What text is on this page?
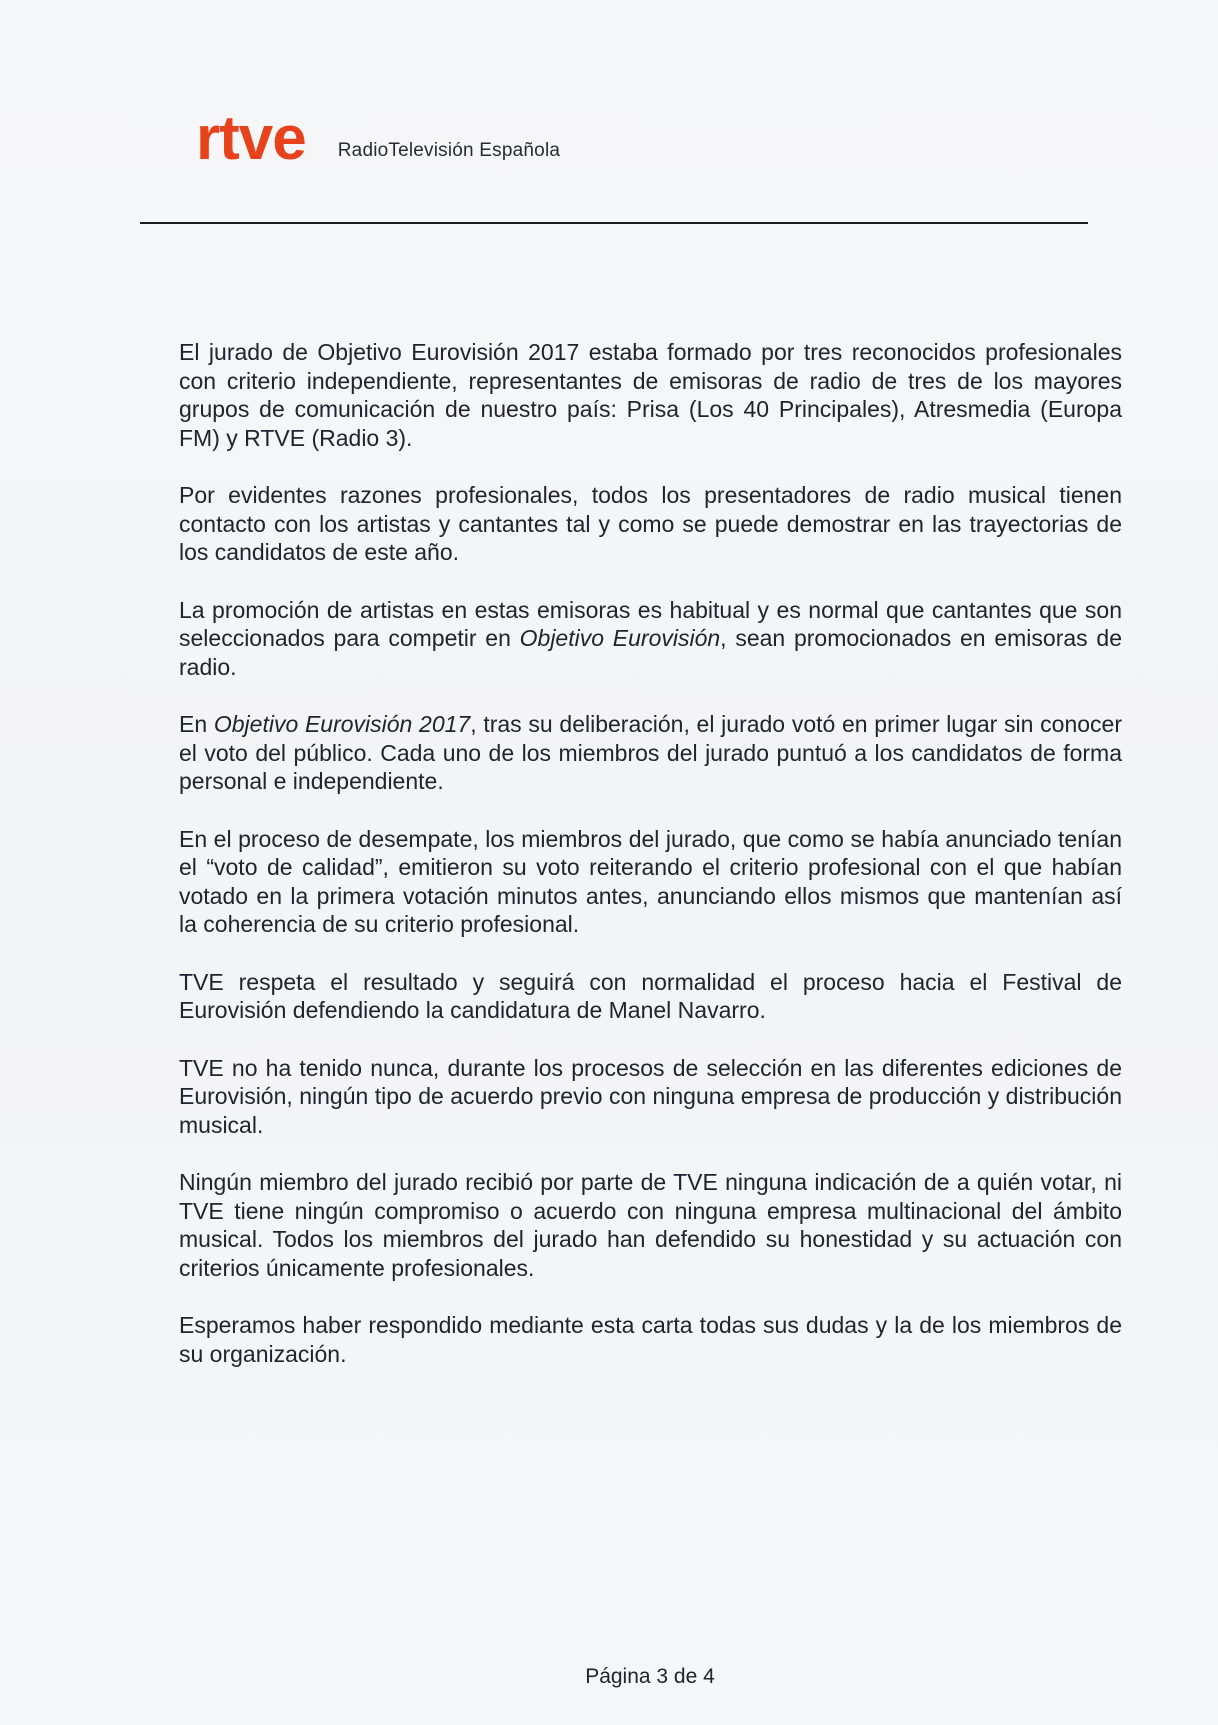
rtve RadioTelevisión Española

El jurado de Objetivo Eurovisión 2017 estaba formado por tres reconocidos profesionales con criterio independiente, representantes de emisoras de radio de tres de los mayores grupos de comunicación de nuestro país: Prisa (Los 40 Principales), Atresmedia (Europa FM) y RTVE (Radio 3).

Por evidentes razones profesionales, todos los presentadores de radio musical tienen contacto con los artistas y cantantes tal y como se puede demostrar en las trayectorias de los candidatos de este año.

La promoción de artistas en estas emisoras es habitual y es normal que cantantes que son seleccionados para competir en Objetivo Eurovisión, sean promocionados en emisoras de radio.

En Objetivo Eurovisión 2017, tras su deliberación, el jurado votó en primer lugar sin conocer el voto del público. Cada uno de los miembros del jurado puntuó a los candidatos de forma personal e independiente.

En el proceso de desempate, los miembros del jurado, que como se había anunciado tenían el “voto de calidad”, emitieron su voto reiterando el criterio profesional con el que habían votado en la primera votación minutos antes, anunciando ellos mismos que mantenían así la coherencia de su criterio profesional.

TVE respeta el resultado y seguirá con normalidad el proceso hacia el Festival de Eurovisión defendiendo la candidatura de Manel Navarro.

TVE no ha tenido nunca, durante los procesos de selección en las diferentes ediciones de Eurovisión, ningún tipo de acuerdo previo con ninguna empresa de producción y distribución musical.

Ningún miembro del jurado recibió por parte de TVE ninguna indicación de a quién votar, ni TVE tiene ningún compromiso o acuerdo con ninguna empresa multinacional del ámbito musical. Todos los miembros del jurado han defendido su honestidad y su actuación con criterios únicamente profesionales.

Esperamos haber respondido mediante esta carta todas sus dudas y la de los miembros de su organización.

Página 3 de 4
